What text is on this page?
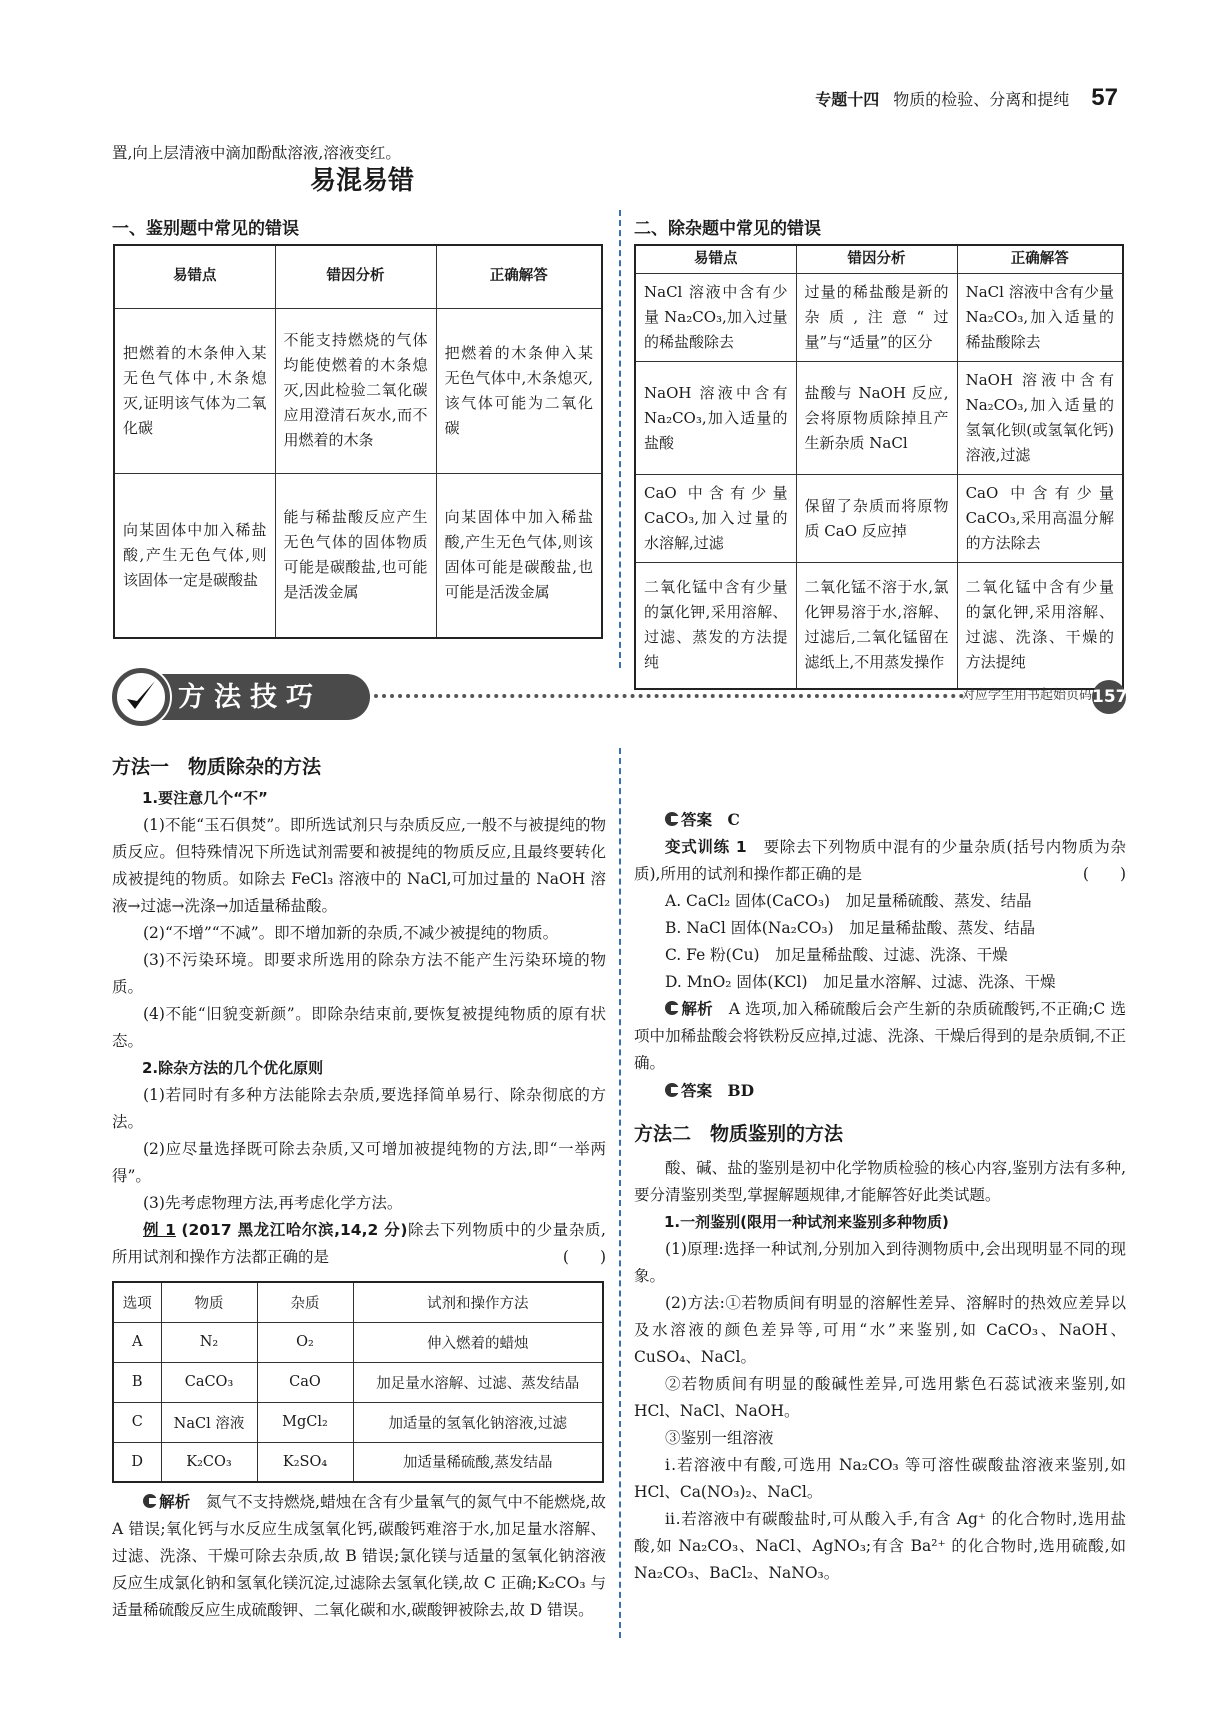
专题十四 物质的检验、分离和提纯 57
置,向上层清液中滴加酚酞溶液,溶液变红。
易混易错
一、鉴别题中常见的错误
易错点	错因分析	正确解答
把燃着的木条伸入某无色气体中,木条熄灭,证明该气体为二氧化碳	不能支持燃烧的气体均能使燃着的木条熄灭,因此检验二氧化碳应用澄清石灰水,而不用燃着的木条	把燃着的木条伸入某无色气体中,木条熄灭,该气体可能为二氧化碳
向某固体中加入稀盐酸,产生无色气体,则该固体一定是碳酸盐	能与稀盐酸反应产生无色气体的固体物质可能是碳酸盐,也可能是活泼金属	向某固体中加入稀盐酸,产生无色气体,则该固体可能是碳酸盐,也可能是活泼金属
二、除杂题中常见的错误
易错点	错因分析	正确解答
NaCl 溶液中含有少量 Na₂CO₃,加入过量的稀盐酸除去	过量的稀盐酸是新的杂质,注意“过量”与“适量”的区分	NaCl 溶液中含有少量 Na₂CO₃,加入适量的稀盐酸除去
NaOH 溶液中含有 Na₂CO₃,加入适量的盐酸	盐酸与 NaOH 反应,会将原物质除掉且产生新杂质 NaCl	NaOH 溶液中含有 Na₂CO₃,加入适量的氢氧化钡(或氢氧化钙)溶液,过滤
CaO 中含有少量 CaCO₃,加入过量的水溶解,过滤	保留了杂质而将原物质 CaO 反应掉	CaO 中含有少量 CaCO₃,采用高温分解的方法除去
二氧化锰中含有少量的氯化钾,采用溶解、过滤、蒸发的方法提纯	二氧化锰不溶于水,氯化钾易溶于水,溶解、过滤后,二氧化锰留在滤纸上,不用蒸发操作	二氧化锰中含有少量的氯化钾,采用溶解、过滤、洗涤、干燥的方法提纯
方法技巧	对应学生用书起始页码 157
方法一　物质除杂的方法
1.要注意几个“不”

(1)不能“玉石俱焚”。即所选试剂只与杂质反应,一般不与被提纯的物质反应。但特殊情况下所选试剂需要和被提纯的物质反应,且最终要转化成被提纯的物质。如除去 FeCl₃ 溶液中的 NaCl,可加过量的 NaOH 溶液→过滤→洗涤→加适量稀盐酸。

(2)“不增”“不减”。即不增加新的杂质,不减少被提纯的物质。

(3)不污染环境。即要求所选用的除杂方法不能产生污染环境的物质。

(4)不能“旧貌变新颜”。即除杂结束前,要恢复被提纯物质的原有状态。

2.除杂方法的几个优化原则

(1)若同时有多种方法能除去杂质,要选择简单易行、除杂彻底的方法。

(2)应尽量选择既可除去杂质,又可增加被提纯物的方法,即“一举两得”。

(3)先考虑物理方法,再考虑化学方法。

例 1 (2017 黑龙江哈尔滨,14,2 分)除去下列物质中的少量杂质,所用试剂和操作方法都正确的是	(　　)

选项	物质	杂质	试剂和操作方法
A	N₂	O₂	伸入燃着的蜡烛
B	CaCO₃	CaO	加足量水溶解、过滤、蒸发结晶
C	NaCl 溶液	MgCl₂	加适量的氢氧化钠溶液,过滤
D	K₂CO₃	K₂SO₄	加适量稀硫酸,蒸发结晶

解析　 氮气不支持燃烧,蜡烛在含有少量氧气的氮气中不能燃烧,故 A 错误;氧化钙与水反应生成氢氧化钙,碳酸钙难溶于水,加足量水溶解、过滤、洗涤、干燥可除去杂质,故 B 错误;氯化镁与适量的氢氧化钠溶液反应生成氯化钠和氢氧化镁沉淀,过滤除去氢氧化镁,故 C 正确;K₂CO₃ 与适量稀硫酸反应生成硫酸钾、二氧化碳和水,碳酸钾被除去,故 D 错误。

答案　 C

变式训练 1　 要除去下列物质中混有的少量杂质(括号内物质为杂质),所用的试剂和操作都正确的是	(　　)

A. CaCl₂ 固体(CaCO₃)　加足量稀硫酸、蒸发、结晶

B. NaCl 固体(Na₂CO₃)　加足量稀盐酸、蒸发、结晶

C. Fe 粉(Cu)　加足量稀盐酸、过滤、洗涤、干燥

D. MnO₂ 固体(KCl)　加足量水溶解、过滤、洗涤、干燥

解析　 A 选项,加入稀硫酸后会产生新的杂质硫酸钙,不正确;C 选项中加稀盐酸会将铁粉反应掉,过滤、洗涤、干燥后得到的是杂质铜,不正确。

答案　 BD

方法二　物质鉴别的方法

酸、碱、盐的鉴别是初中化学物质检验的核心内容,鉴别方法有多种,要分清鉴别类型,掌握解题规律,才能解答好此类试题。

1.一剂鉴别(限用一种试剂来鉴别多种物质)

(1)原理:选择一种试剂,分别加入到待测物质中,会出现明显不同的现象。

(2)方法:①若物质间有明显的溶解性差异、溶解时的热效应差异以及水溶液的颜色差异等,可用“水”来鉴别,如 CaCO₃、NaOH、CuSO₄、NaCl。

②若物质间有明显的酸碱性差异,可选用紫色石蕊试液来鉴别,如 HCl、NaCl、NaOH。

③鉴别一组溶液

ⅰ.若溶液中有酸,可选用 Na₂CO₃ 等可溶性碳酸盐溶液来鉴别,如 HCl、Ca(NO₃)₂、NaCl。

ⅱ.若溶液中有碳酸盐时,可从酸入手,有含 Ag⁺ 的化合物时,选用盐酸,如 Na₂CO₃、NaCl、AgNO₃;有含 Ba²⁺ 的化合物时,选用硫酸,如 Na₂CO₃、BaCl₂、NaNO₃。
